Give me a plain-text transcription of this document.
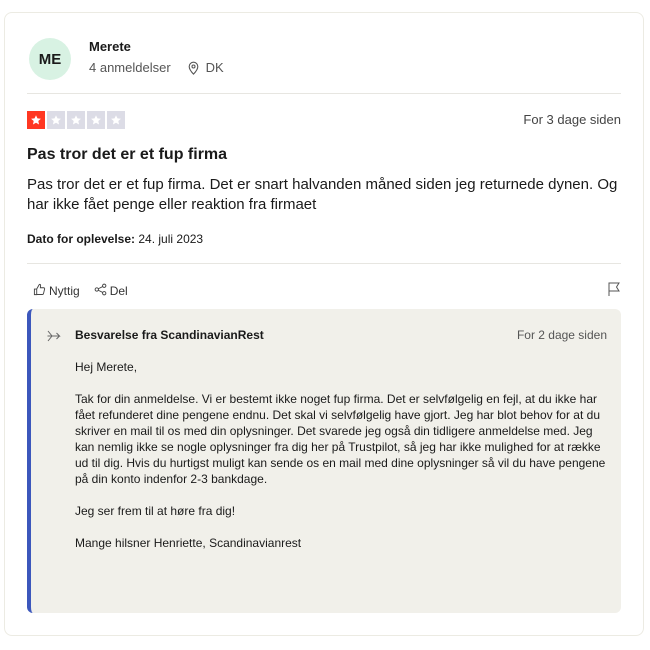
ME
Merete
4 anmeldelser	DK
For 3 dage siden
Pas tror det er et fup firma

Pas tror det er et fup firma. Det er snart halvanden måned siden jeg returnede dynen. Og har ikke fået penge eller reaktion fra firmaet

Dato for oplevelse: 24. juli 2023
Nyttig	Del
Besvarelse fra ScandinavianRest	For 2 dage siden

Hej Merete,

Tak for din anmeldelse. Vi er bestemt ikke noget fup firma. Det er selvfølgelig en fejl, at du ikke har fået refunderet dine pengene endnu. Det skal vi selvfølgelig have gjort. Jeg har blot behov for at du skriver en mail til os med din oplysninger. Det svarede jeg også din tidligere anmeldelse med. Jeg kan nemlig ikke se nogle oplysninger fra dig her på Trustpilot, så jeg har ikke mulighed for at række ud til dig. Hvis du hurtigst muligt kan sende os en mail med dine oplysninger så vil du have pengene på din konto indenfor 2-3 bankdage.

Jeg ser frem til at høre fra dig!

Mange hilsner Henriette, Scandinavianrest
